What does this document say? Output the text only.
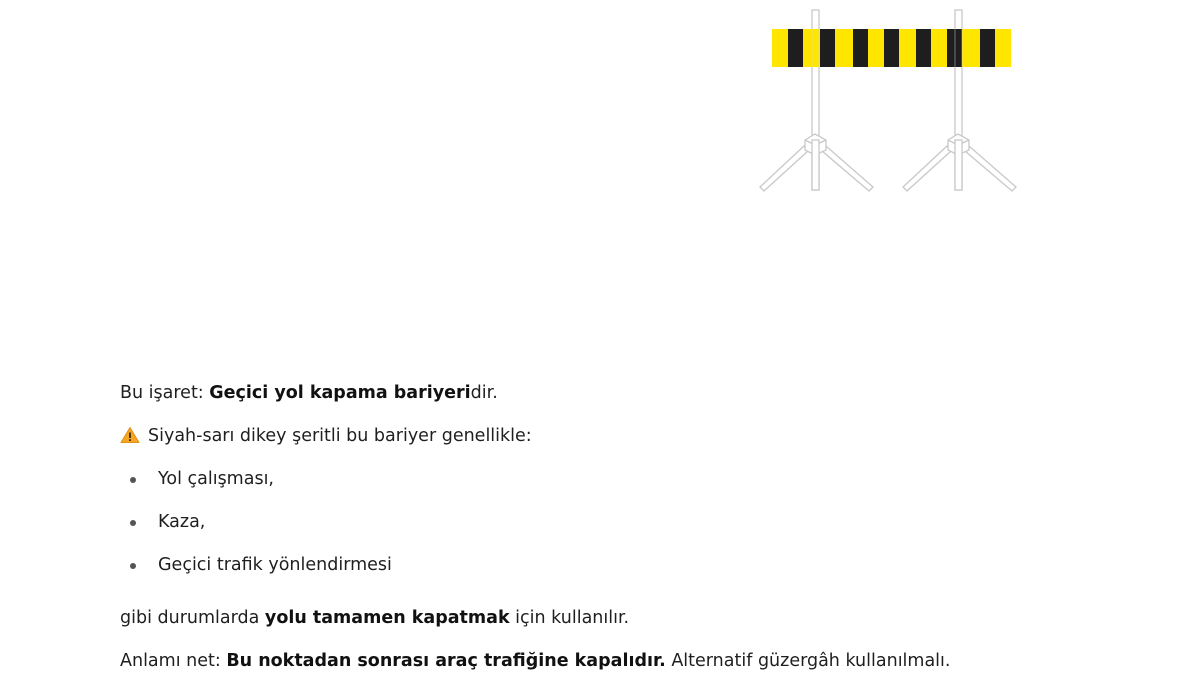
Bu işaret: Geçici yol kapama bariyeridir.
Siyah-sarı dikey şeritli bu bariyer genellikle:
Yol çalışması,
Kaza,
Geçici trafik yönlendirmesi
gibi durumlarda yolu tamamen kapatmak için kullanılır.
Anlamı net: Bu noktadan sonrası araç trafiğine kapalıdır. Alternatif güzergâh kullanılmalı.
